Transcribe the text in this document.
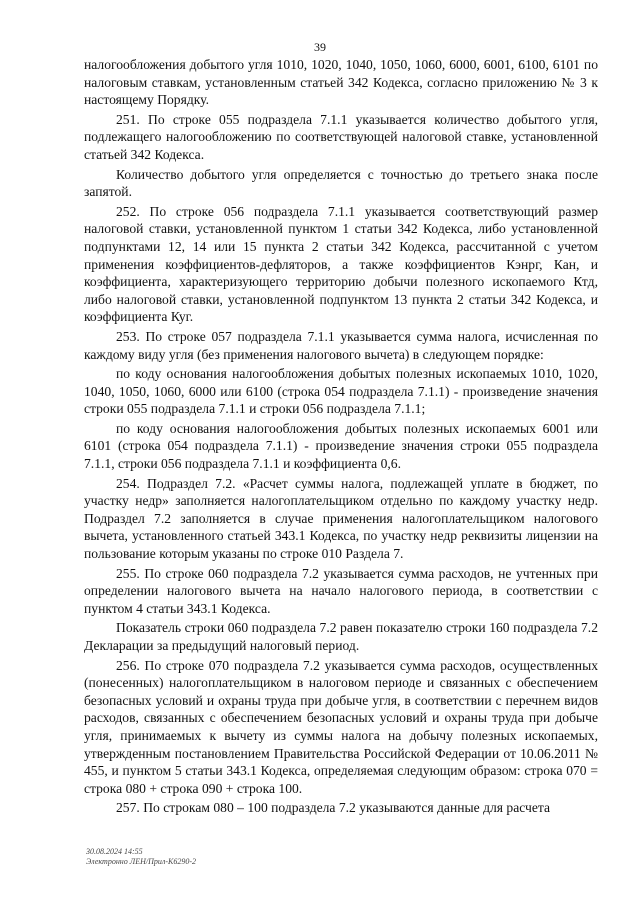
39

налогообложения добытого угля 1010, 1020, 1040, 1050, 1060, 6000, 6001, 6100, 6101 по налоговым ставкам, установленным статьей 342 Кодекса, согласно приложению № 3 к настоящему Порядку.

251. По строке 055 подраздела 7.1.1 указывается количество добытого угля, подлежащего налогообложению по соответствующей налоговой ставке, установленной статьей 342 Кодекса.

Количество добытого угля определяется с точностью до третьего знака после запятой.

252. По строке 056 подраздела 7.1.1 указывается соответствующий размер налоговой ставки, установленной пунктом 1 статьи 342 Кодекса, либо установленной подпунктами 12, 14 или 15 пункта 2 статьи 342 Кодекса, рассчитанной с учетом применения коэффициентов-дефляторов, а также коэффициентов Кэнрг, Кан, и коэффициента, характеризующего территорию добычи полезного ископаемого Ктд, либо налоговой ставки, установленной подпунктом 13 пункта 2 статьи 342 Кодекса, и коэффициента Куг.

253. По строке 057 подраздела 7.1.1 указывается сумма налога, исчисленная по каждому виду угля (без применения налогового вычета) в следующем порядке:

по коду основания налогообложения добытых полезных ископаемых 1010, 1020, 1040, 1050, 1060, 6000 или 6100 (строка 054 подраздела 7.1.1) - произведение значения строки 055 подраздела 7.1.1 и строки 056 подраздела 7.1.1;

по коду основания налогообложения добытых полезных ископаемых 6001 или 6101 (строка 054 подраздела 7.1.1) - произведение значения строки 055 подраздела 7.1.1, строки 056 подраздела 7.1.1 и коэффициента 0,6.

254. Подраздел 7.2. «Расчет суммы налога, подлежащей уплате в бюджет, по участку недр» заполняется налогоплательщиком отдельно по каждому участку недр. Подраздел 7.2 заполняется в случае применения налогоплательщиком налогового вычета, установленного статьей 343.1 Кодекса, по участку недр реквизиты лицензии на пользование которым указаны по строке 010 Раздела 7.

255. По строке 060 подраздела 7.2 указывается сумма расходов, не учтенных при определении налогового вычета на начало налогового периода, в соответствии с пунктом 4 статьи 343.1 Кодекса.

Показатель строки 060 подраздела 7.2 равен показателю строки 160 подраздела 7.2 Декларации за предыдущий налоговый период.

256. По строке 070 подраздела 7.2 указывается сумма расходов, осуществленных (понесенных) налогоплательщиком в налоговом периоде и связанных с обеспечением безопасных условий и охраны труда при добыче угля, в соответствии с перечнем видов расходов, связанных с обеспечением безопасных условий и охраны труда при добыче угля, принимаемых к вычету из суммы налога на добычу полезных ископаемых, утвержденным постановлением Правительства Российской Федерации от 10.06.2011 № 455, и пунктом 5 статьи 343.1 Кодекса, определяемая следующим образом: строка 070 = строка 080 + строка 090 + строка 100.

257. По строкам 080 – 100 подраздела 7.2 указываются данные для расчета

30.08.2024 14:55
Электронно ЛЕН/Прил-К6290-2
